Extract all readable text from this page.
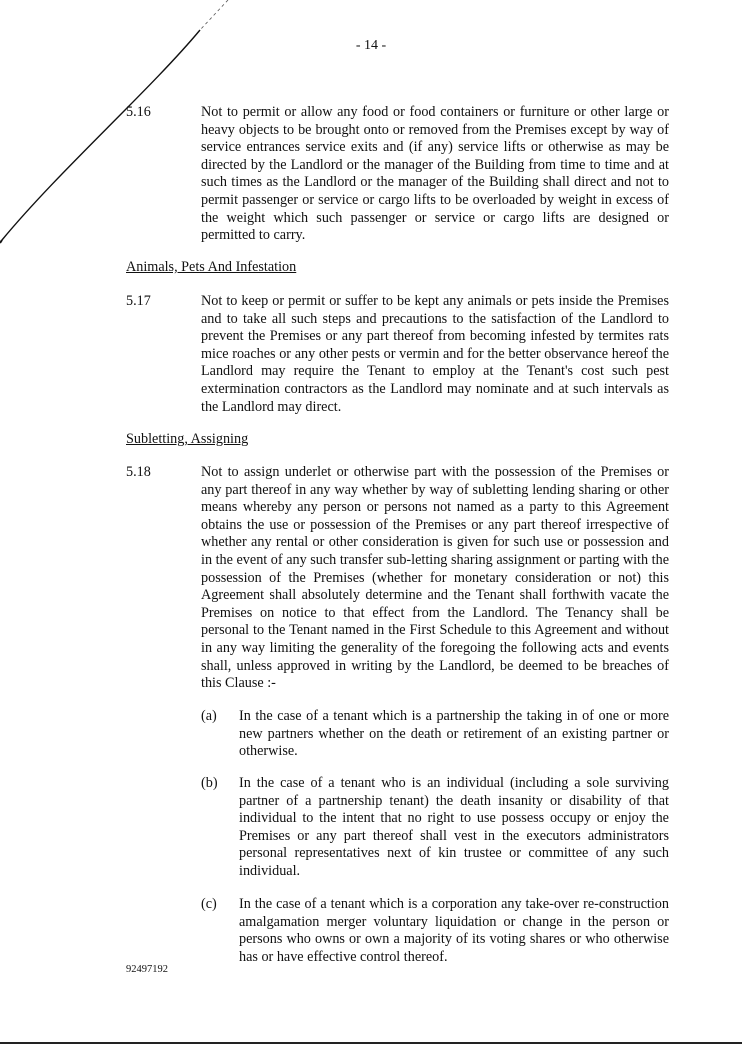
- 14 -
5.16	Not to permit or allow any food or food containers or furniture or other large or heavy objects to be brought onto or removed from the Premises except by way of service entrances service exits and (if any) service lifts or otherwise as may be directed by the Landlord or the manager of the Building from time to time and at such times as the Landlord or the manager of the Building shall direct and not to permit passenger or service or cargo lifts to be overloaded by weight in excess of the weight which such passenger or service or cargo lifts are designed or permitted to carry.
Animals, Pets And Infestation
5.17	Not to keep or permit or suffer to be kept any animals or pets inside the Premises and to take all such steps and precautions to the satisfaction of the Landlord to prevent the Premises or any part thereof from becoming infested by termites rats mice roaches or any other pests or vermin and for the better observance hereof the Landlord may require the Tenant to employ at the Tenant's cost such pest extermination contractors as the Landlord may nominate and at such intervals as the Landlord may direct.
Subletting, Assigning
5.18	Not to assign underlet or otherwise part with the possession of the Premises or any part thereof in any way whether by way of subletting lending sharing or other means whereby any person or persons not named as a party to this Agreement obtains the use or possession of the Premises or any part thereof irrespective of whether any rental or other consideration is given for such use or possession and in the event of any such transfer sub-letting sharing assignment or parting with the possession of the Premises (whether for monetary consideration or not) this Agreement shall absolutely determine and the Tenant shall forthwith vacate the Premises on notice to that effect from the Landlord. The Tenancy shall be personal to the Tenant named in the First Schedule to this Agreement and without in any way limiting the generality of the foregoing the following acts and events shall, unless approved in writing by the Landlord, be deemed to be breaches of this Clause :-
(a) In the case of a tenant which is a partnership the taking in of one or more new partners whether on the death or retirement of an existing partner or otherwise.
(b) In the case of a tenant who is an individual (including a sole surviving partner of a partnership tenant) the death insanity or disability of that individual to the intent that no right to use possess occupy or enjoy the Premises or any part thereof shall vest in the executors administrators personal representatives next of kin trustee or committee of any such individual.
(c) In the case of a tenant which is a corporation any take-over re-construction amalgamation merger voluntary liquidation or change in the person or persons who owns or own a majority of its voting shares or who otherwise has or have effective control thereof.
92497192
